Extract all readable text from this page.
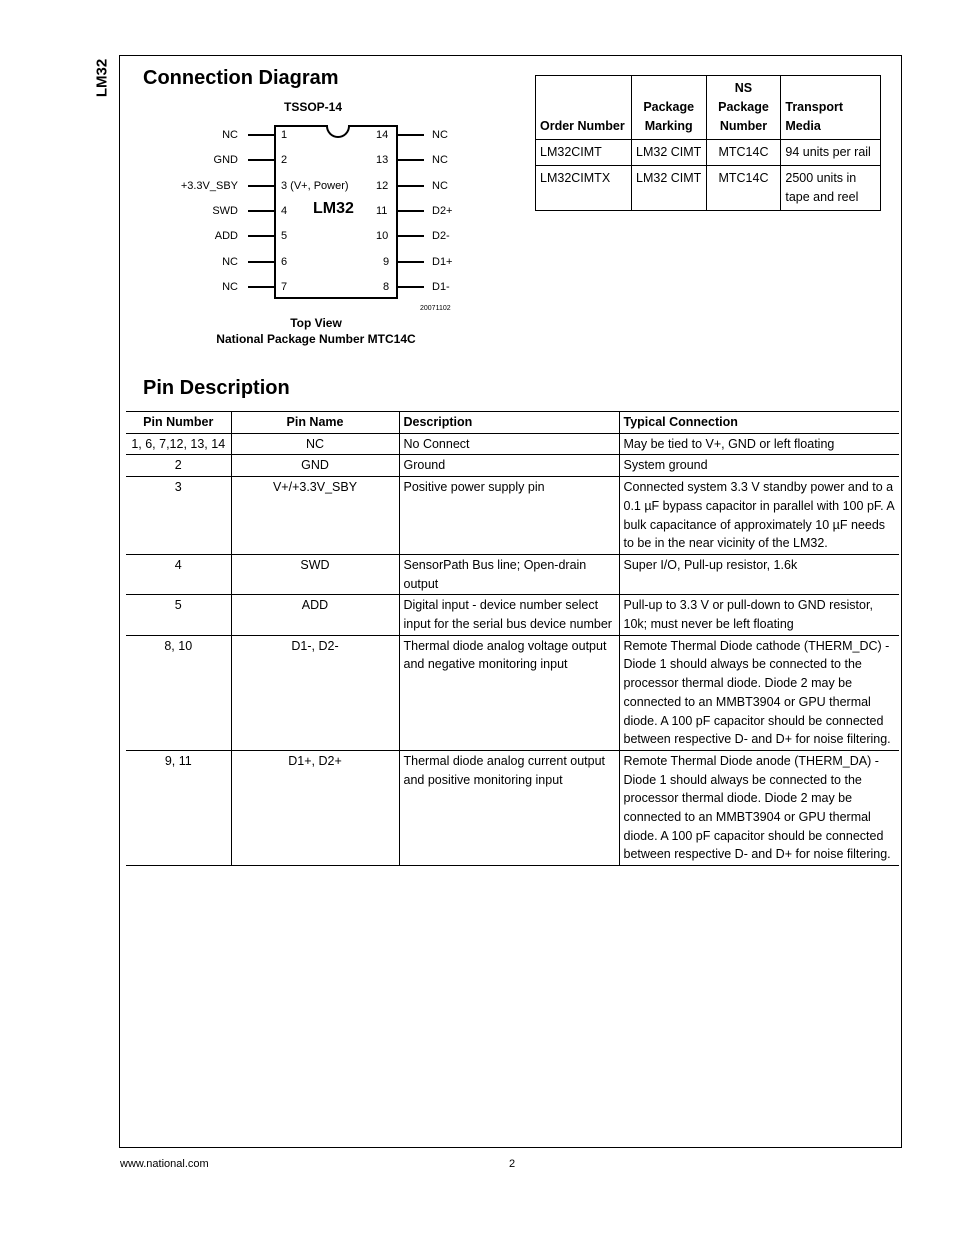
LM32 Connection Diagram
TSSOP-14
LM32
NC	1
GND	2
+3.3V_SBY	3 (V+, Power)
SWD	4
ADD	5
NC	6
NC	7
NC
14
NC
13
NC
12
D2+
11
D2-
10
D1+
9
D1-
8
20071102
Top View
National Package Number MTC14C
Order Number	Package Marking	NS Package Number	Transport Media
LM32CIMT	LM32 CIMT	MTC14C	94 units per rail
LM32CIMTX	LM32 CIMT	MTC14C	2500 units in tape and reel
Pin Description
Pin Number	Pin Name	Description	Typical Connection
1, 6, 7,12, 13, 14	NC	No Connect	May be tied to V+, GND or left floating
2	GND	Ground	System ground
3	V+/+3.3V_SBY	Positive power supply pin	Connected system 3.3 V standby power and to a 0.1 µF bypass capacitor in parallel with 100 pF. A bulk capacitance of approximately 10 µF needs to be in the near vicinity of the LM32.
4	SWD	SensorPath Bus line; Open-drain output	Super I/O, Pull-up resistor, 1.6k
5	ADD	Digital input - device number select input for the serial bus device number	Pull-up to 3.3 V or pull-down to GND resistor, 10k; must never be left floating
8, 10	D1-, D2-	Thermal diode analog voltage output and negative monitoring input	Remote Thermal Diode cathode (THERM_DC) - Diode 1 should always be connected to the processor thermal diode. Diode 2 may be connected to an MMBT3904 or GPU thermal diode. A 100 pF capacitor should be connected between respective D- and D+ for noise filtering.
9, 11	D1+, D2+	Thermal diode analog current output and positive monitoring input	Remote Thermal Diode anode (THERM_DA) - Diode 1 should always be connected to the processor thermal diode. Diode 2 may be connected to an MMBT3904 or GPU thermal diode. A 100 pF capacitor should be connected between respective D- and D+ for noise filtering.
www.national.com	2
